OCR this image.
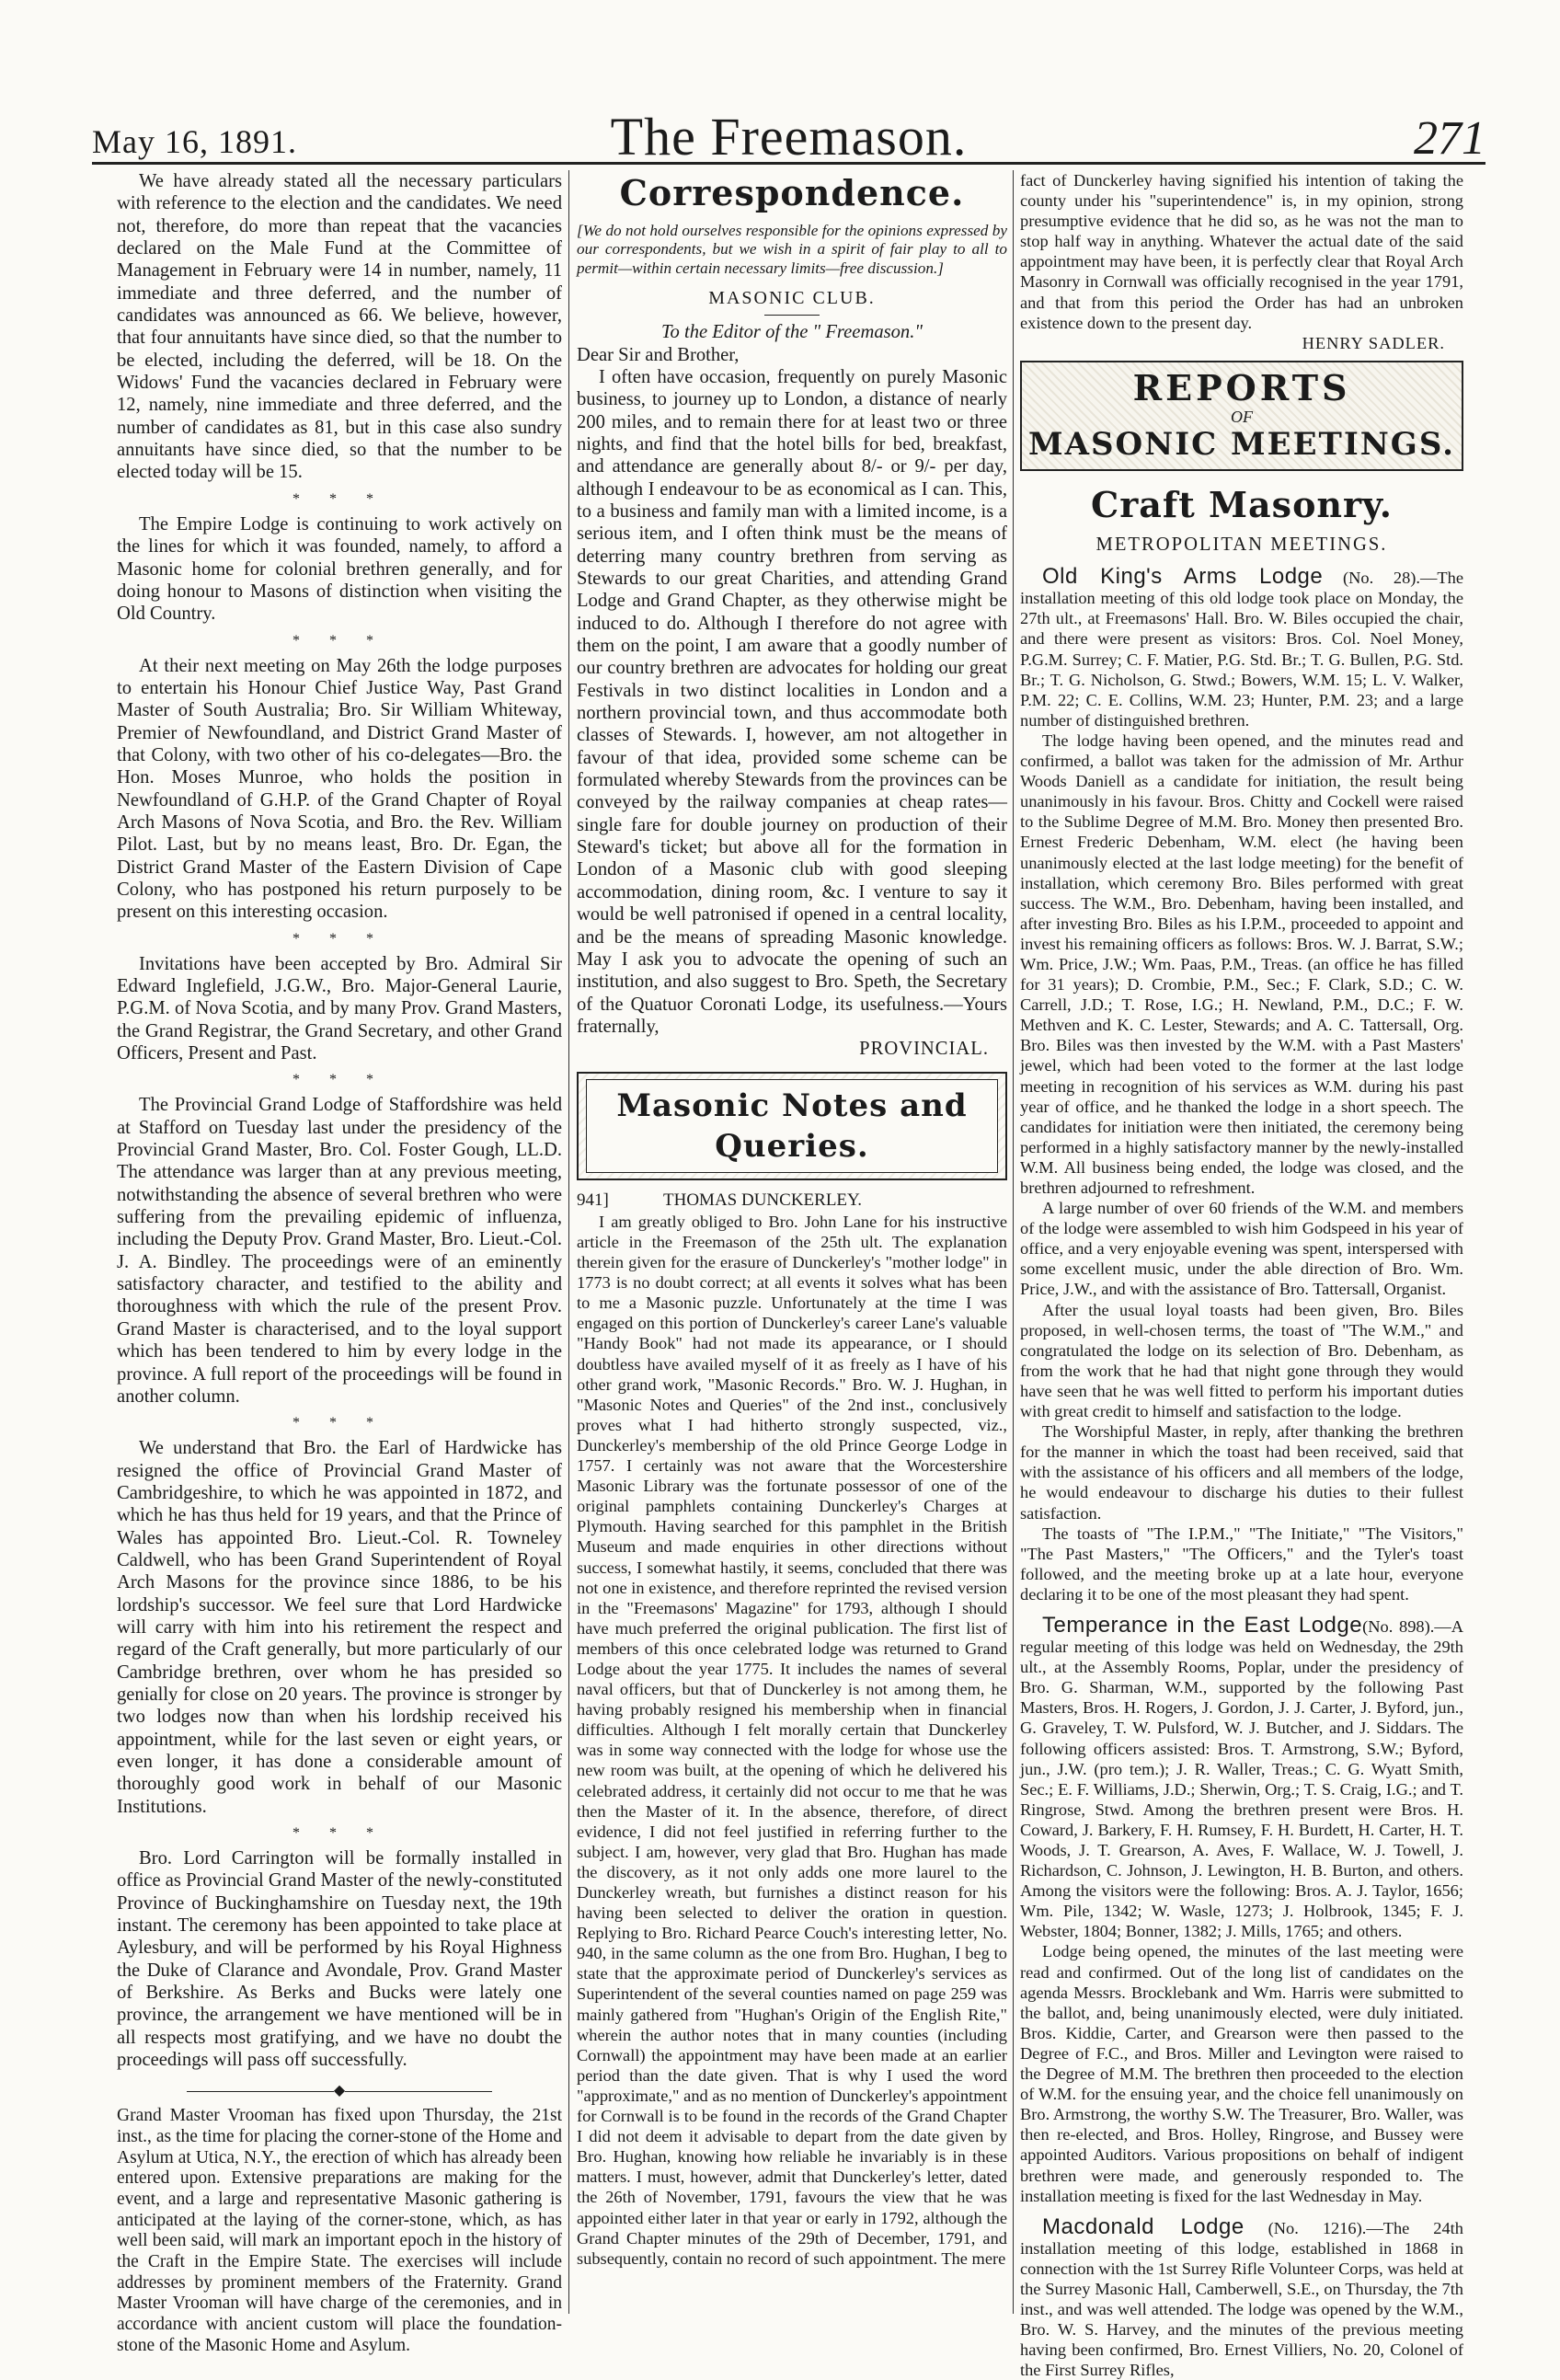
May 16, 1891.	The Freemason.	271

We have already stated all the necessary particulars with reference to the election and the candidates. We need not, therefore, do more than repeat that the vacancies declared on the Male Fund at the Committee of Management in February were 14 in number, namely, 11 immediate and three deferred, and the number of candidates was announced as 66. We believe, however, that four annuitants have since died, so that the number to be elected, including the deferred, will be 18. On the Widows' Fund the vacancies declared in February were 12, namely, nine immediate and three deferred, and the number of candidates as 81, but in this case also sundry annuitants have since died, so that the number to be elected today will be 15.

* * *

The Empire Lodge is continuing to work actively on the lines for which it was founded, namely, to afford a Masonic home for colonial brethren generally, and for doing honour to Masons of distinction when visiting the Old Country.

* * *

At their next meeting on May 26th the lodge purposes to entertain his Honour Chief Justice Way, Past Grand Master of South Australia; Bro. Sir William Whiteway, Premier of Newfoundland, and District Grand Master of that Colony, with two other of his co-delegates—Bro. the Hon. Moses Munroe, who holds the position in Newfoundland of G.H.P. of the Grand Chapter of Royal Arch Masons of Nova Scotia, and Bro. the Rev. William Pilot. Last, but by no means least, Bro. Dr. Egan, the District Grand Master of the Eastern Division of Cape Colony, who has postponed his return purposely to be present on this interesting occasion.

* * *

Invitations have been accepted by Bro. Admiral Sir Edward Inglefield, J.G.W., Bro. Major-General Laurie, P.G.M. of Nova Scotia, and by many Prov. Grand Masters, the Grand Registrar, the Grand Secretary, and other Grand Officers, Present and Past.

* * *

The Provincial Grand Lodge of Staffordshire was held at Stafford on Tuesday last under the presidency of the Provincial Grand Master, Bro. Col. Foster Gough, LL.D. The attendance was larger than at any previous meeting, notwithstanding the absence of several brethren who were suffering from the prevailing epidemic of influenza, including the Deputy Prov. Grand Master, Bro. Lieut.-Col. J. A. Bindley. The proceedings were of an eminently satisfactory character, and testified to the ability and thoroughness with which the rule of the present Prov. Grand Master is characterised, and to the loyal support which has been tendered to him by every lodge in the province. A full report of the proceedings will be found in another column.

* * *

We understand that Bro. the Earl of Hardwicke has resigned the office of Provincial Grand Master of Cambridgeshire, to which he was appointed in 1872, and which he has thus held for 19 years, and that the Prince of Wales has appointed Bro. Lieut.-Col. R. Towneley Caldwell, who has been Grand Superintendent of Royal Arch Masons for the province since 1886, to be his lordship's successor. We feel sure that Lord Hardwicke will carry with him into his retirement the respect and regard of the Craft generally, but more particularly of our Cambridge brethren, over whom he has presided so genially for close on 20 years. The province is stronger by two lodges now than when his lordship received his appointment, while for the last seven or eight years, or even longer, it has done a considerable amount of thoroughly good work in behalf of our Masonic Institutions.

* * *

Bro. Lord Carrington will be formally installed in office as Provincial Grand Master of the newly-constituted Province of Buckinghamshire on Tuesday next, the 19th instant. The ceremony has been appointed to take place at Aylesbury, and will be performed by his Royal Highness the Duke of Clarance and Avondale, Prov. Grand Master of Berkshire. As Berks and Bucks were lately one province, the arrangement we have mentioned will be in all respects most gratifying, and we have no doubt the proceedings will pass off successfully.

◆

Grand Master Vrooman has fixed upon Thursday, the 21st inst., as the time for placing the corner-stone of the Home and Asylum at Utica, N.Y., the erection of which has already been entered upon. Extensive preparations are making for the event, and a large and representative Masonic gathering is anticipated at the laying of the corner-stone, which, as has well been said, will mark an important epoch in the history of the Craft in the Empire State. The exercises will include addresses by prominent members of the Fraternity. Grand Master Vrooman will have charge of the ceremonies, and in accordance with ancient custom will place the foundation-stone of the Masonic Home and Asylum.

Correspondence.

[We do not hold ourselves responsible for the opinions expressed by our correspondents, but we wish in a spirit of fair play to all to permit—within certain necessary limits—free discussion.]

MASONIC CLUB.

To the Editor of the " Freemason."

Dear Sir and Brother,

I often have occasion, frequently on purely Masonic business, to journey up to London, a distance of nearly 200 miles, and to remain there for at least two or three nights, and find that the hotel bills for bed, breakfast, and attendance are generally about 8/- or 9/- per day, although I endeavour to be as economical as I can. This, to a business and family man with a limited income, is a serious item, and I often think must be the means of deterring many country brethren from serving as Stewards to our great Charities, and attending Grand Lodge and Grand Chapter, as they otherwise might be induced to do. Although I therefore do not agree with them on the point, I am aware that a goodly number of our country brethren are advocates for holding our great Festivals in two distinct localities in London and a northern provincial town, and thus accommodate both classes of Stewards. I, however, am not altogether in favour of that idea, provided some scheme can be formulated whereby Stewards from the provinces can be conveyed by the railway companies at cheap rates—single fare for double journey on production of their Steward's ticket; but above all for the formation in London of a Masonic club with good sleeping accommodation, dining room, &c. I venture to say it would be well patronised if opened in a central locality, and be the means of spreading Masonic knowledge. May I ask you to advocate the opening of such an institution, and also suggest to Bro. Speth, the Secretary of the Quatuor Coronati Lodge, its usefulness.—Yours fraternally,

PROVINCIAL.

Masonic Notes and Queries.

941]	THOMAS DUNCKERLEY.

I am greatly obliged to Bro. John Lane for his instructive article in the Freemason of the 25th ult. The explanation therein given for the erasure of Dunckerley's "mother lodge" in 1773 is no doubt correct; at all events it solves what has been to me a Masonic puzzle. Unfortunately at the time I was engaged on this portion of Dunckerley's career Lane's valuable "Handy Book" had not made its appearance, or I should doubtless have availed myself of it as freely as I have of his other grand work, "Masonic Records." Bro. W. J. Hughan, in "Masonic Notes and Queries" of the 2nd inst., conclusively proves what I had hitherto strongly suspected, viz., Dunckerley's membership of the old Prince George Lodge in 1757. I certainly was not aware that the Worcestershire Masonic Library was the fortunate possessor of one of the original pamphlets containing Dunckerley's Charges at Plymouth. Having searched for this pamphlet in the British Museum and made enquiries in other directions without success, I somewhat hastily, it seems, concluded that there was not one in existence, and therefore reprinted the revised version in the "Freemasons' Magazine" for 1793, although I should have much preferred the original publication. The first list of members of this once celebrated lodge was returned to Grand Lodge about the year 1775. It includes the names of several naval officers, but that of Dunckerley is not among them, he having probably resigned his membership when in financial difficulties. Although I felt morally certain that Dunckerley was in some way connected with the lodge for whose use the new room was built, at the opening of which he delivered his celebrated address, it certainly did not occur to me that he was then the Master of it. In the absence, therefore, of direct evidence, I did not feel justified in referring further to the subject. I am, however, very glad that Bro. Hughan has made the discovery, as it not only adds one more laurel to the Dunckerley wreath, but furnishes a distinct reason for his having been selected to deliver the oration in question. Replying to Bro. Richard Pearce Couch's interesting letter, No. 940, in the same column as the one from Bro. Hughan, I beg to state that the approximate period of Dunckerley's services as Superintendent of the several counties named on page 259 was mainly gathered from "Hughan's Origin of the English Rite," wherein the author notes that in many counties (including Cornwall) the appointment may have been made at an earlier period than the date given. That is why I used the word "approximate," and as no mention of Dunckerley's appointment for Cornwall is to be found in the records of the Grand Chapter I did not deem it advisable to depart from the date given by Bro. Hughan, knowing how reliable he invariably is in these matters. I must, however, admit that Dunckerley's letter, dated the 26th of November, 1791, favours the view that he was appointed either later in that year or early in 1792, although the Grand Chapter minutes of the 29th of December, 1791, and subsequently, contain no record of such appointment. The mere

fact of Dunckerley having signified his intention of taking the county under his "superintendence" is, in my opinion, strong presumptive evidence that he did so, as he was not the man to stop half way in anything. Whatever the actual date of the said appointment may have been, it is perfectly clear that Royal Arch Masonry in Cornwall was officially recognised in the year 1791, and that from this period the Order has had an unbroken existence down to the present day.

HENRY SADLER.

REPORTS
OF
MASONIC MEETINGS.
Craft Masonry.

METROPOLITAN MEETINGS.

Old King's Arms Lodge (No. 28).—The installation meeting of this old lodge took place on Monday, the 27th ult., at Freemasons' Hall. Bro. W. Biles occupied the chair, and there were present as visitors: Bros. Col. Noel Money, P.G.M. Surrey; C. F. Matier, P.G. Std. Br.; T. G. Bullen, P.G. Std. Br.; T. G. Nicholson, G. Stwd.; Bowers, W.M. 15; L. V. Walker, P.M. 22; C. E. Collins, W.M. 23; Hunter, P.M. 23; and a large number of distinguished brethren.

The lodge having been opened, and the minutes read and confirmed, a ballot was taken for the admission of Mr. Arthur Woods Daniell as a candidate for initiation, the result being unanimously in his favour. Bros. Chitty and Cockell were raised to the Sublime Degree of M.M. Bro. Money then presented Bro. Ernest Frederic Debenham, W.M. elect (he having been unanimously elected at the last lodge meeting) for the benefit of installation, which ceremony Bro. Biles performed with great success. The W.M., Bro. Debenham, having been installed, and after investing Bro. Biles as his I.P.M., proceeded to appoint and invest his remaining officers as follows: Bros. W. J. Barrat, S.W.; Wm. Price, J.W.; Wm. Paas, P.M., Treas. (an office he has filled for 31 years); D. Crombie, P.M., Sec.; F. Clark, S.D.; C. W. Carrell, J.D.; T. Rose, I.G.; H. Newland, P.M., D.C.; F. W. Methven and K. C. Lester, Stewards; and A. C. Tattersall, Org. Bro. Biles was then invested by the W.M. with a Past Masters' jewel, which had been voted to the former at the last lodge meeting in recognition of his services as W.M. during his past year of office, and he thanked the lodge in a short speech. The candidates for initiation were then initiated, the ceremony being performed in a highly satisfactory manner by the newly-installed W.M. All business being ended, the lodge was closed, and the brethren adjourned to refreshment.

A large number of over 60 friends of the W.M. and members of the lodge were assembled to wish him Godspeed in his year of office, and a very enjoyable evening was spent, interspersed with some excellent music, under the able direction of Bro. Wm. Price, J.W., and with the assistance of Bro. Tattersall, Organist.

After the usual loyal toasts had been given, Bro. Biles proposed, in well-chosen terms, the toast of "The W.M.," and congratulated the lodge on its selection of Bro. Debenham, as from the work that he had that night gone through they would have seen that he was well fitted to perform his important duties with great credit to himself and satisfaction to the lodge.

The Worshipful Master, in reply, after thanking the brethren for the manner in which the toast had been received, said that with the assistance of his officers and all members of the lodge, he would endeavour to discharge his duties to their fullest satisfaction.

The toasts of "The I.P.M.," "The Initiate," "The Visitors," "The Past Masters," "The Officers," and the Tyler's toast followed, and the meeting broke up at a late hour, everyone declaring it to be one of the most pleasant they had spent.

Temperance in the East Lodge(No. 898).—A regular meeting of this lodge was held on Wednesday, the 29th ult., at the Assembly Rooms, Poplar, under the presidency of Bro. G. Sharman, W.M., supported by the following Past Masters, Bros. H. Rogers, J. Gordon, J. J. Carter, J. Byford, jun., G. Graveley, T. W. Pulsford, W. J. Butcher, and J. Siddars. The following officers assisted: Bros. T. Armstrong, S.W.; Byford, jun., J.W. (pro tem.); J. R. Waller, Treas.; C. G. Wyatt Smith, Sec.; E. F. Williams, J.D.; Sherwin, Org.; T. S. Craig, I.G.; and T. Ringrose, Stwd. Among the brethren present were Bros. H. Coward, J. Barkery, F. H. Rumsey, F. H. Burdett, H. Carter, H. T. Woods, J. T. Grearson, A. Aves, F. Wallace, W. J. Towell, J. Richardson, C. Johnson, J. Lewington, H. B. Burton, and others. Among the visitors were the following: Bros. A. J. Taylor, 1656; Wm. Pile, 1342; W. Wasle, 1273; J. Holbrook, 1345; F. J. Webster, 1804; Bonner, 1382; J. Mills, 1765; and others.

Lodge being opened, the minutes of the last meeting were read and confirmed. Out of the long list of candidates on the agenda Messrs. Brocklebank and Wm. Harris were submitted to the ballot, and, being unanimously elected, were duly initiated. Bros. Kiddie, Carter, and Grearson were then passed to the Degree of F.C., and Bros. Miller and Levington were raised to the Degree of M.M. The brethren then proceeded to the election of W.M. for the ensuing year, and the choice fell unanimously on Bro. Armstrong, the worthy S.W. The Treasurer, Bro. Waller, was then re-elected, and Bros. Holley, Ringrose, and Bussey were appointed Auditors. Various propositions on behalf of indigent brethren were made, and generously responded to. The installation meeting is fixed for the last Wednesday in May.

Macdonald Lodge (No. 1216).—The 24th installation meeting of this lodge, established in 1868 in connection with the 1st Surrey Rifle Volunteer Corps, was held at the Surrey Masonic Hall, Camberwell, S.E., on Thursday, the 7th inst., and was well attended. The lodge was opened by the W.M., Bro. W. S. Harvey, and the minutes of the previous meeting having been confirmed, Bro. Ernest Villiers, No. 20, Colonel of the First Surrey Rifles,
